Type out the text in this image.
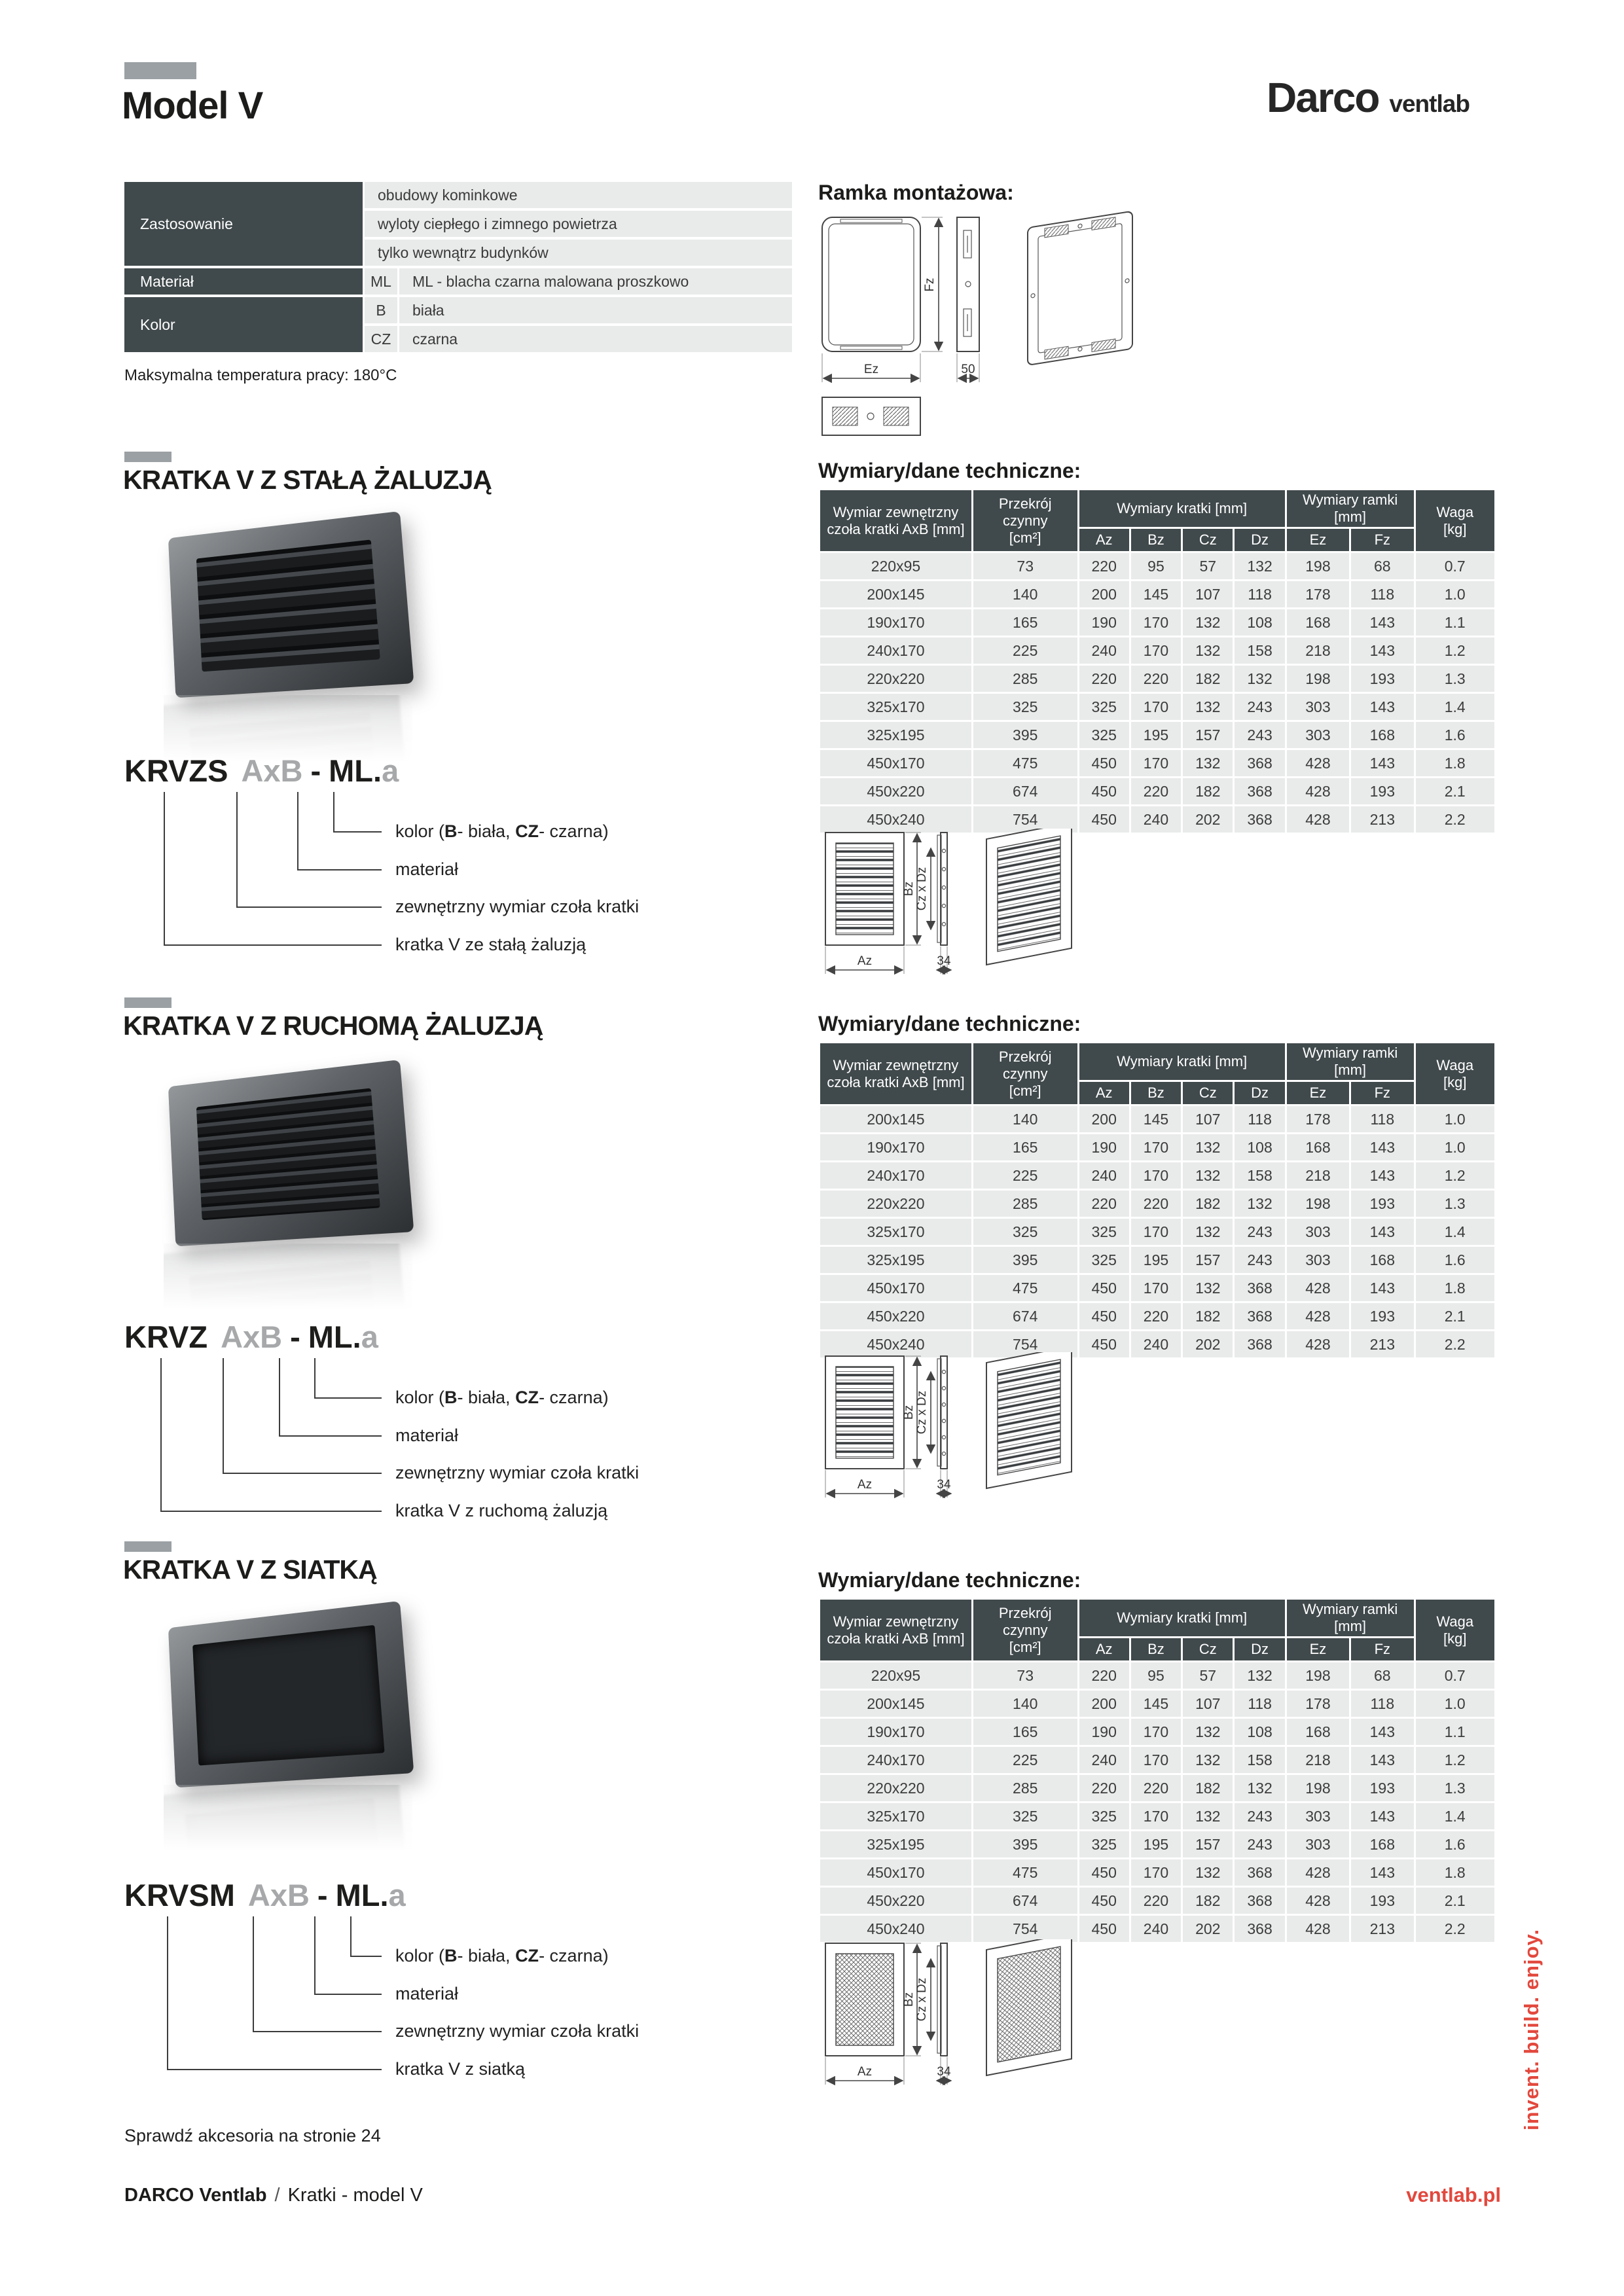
Model V	Darco ventlab
Zastosowanie
obudowy kominkowe
wyloty ciepłego i zimnego powietrza
tylko wewnątrz budynków
Materiał	ML	ML - blacha czarna malowana proszkowo
Kolor
B	biała
CZ	czarna
Maksymalna temperatura pracy: 180°C
Ramka montażowa:
Fz
50
Ez
KRATKA V Z STAŁĄ ŻALUZJĄ	Wymiary/dane techniczne:
Wymiar zewnętrzny czoła kratki AxB [mm]	
Przekrój czynny
[cm²]
	Wymiary kratki [mm]	Wymiary ramki [mm]	Waga
[kg]

		Az	Bz	Cz	Dz	Ez	Fz	
220x95	73	220	95	57	132	198	68	0.7
200x145	140	200	145	107	118	178	118	1.0
190x170	165	190	170	132	108	168	143	1.1
240x170	225	240	170	132	158	218	143	1.2
220x220	285	220	220	182	132	198	193	1.3
325x170	325	325	170	132	243	303	143	1.4
325x195	395	325	195	157	243	303	168	1.6
450x170	475	450	170	132	368	428	143	1.8
450x220	674	450	220	182	368	428	193	2.1
450x240	754	450	240	202	368	428	213	2.2
Bz
Az
Cz x Dz
34
KRVZS AxB - ML.a
kolor (B- biała, CZ- czarna)
materiał
zewnętrzny wymiar czoła kratki
kratka V ze stałą żaluzją
KRATKA V Z RUCHOMĄ ŻALUZJĄ	Wymiary/dane techniczne:
Wymiar zewnętrzny czoła kratki AxB [mm]	
Przekrój czynny
[cm²]
	Wymiary kratki [mm]	Wymiary ramki [mm]	Waga
[kg]

		Az	Bz	Cz	Dz	Ez	Fz	
200x145	140	200	145	107	118	178	118	1.0
190x170	165	190	170	132	108	168	143	1.0
240x170	225	240	170	132	158	218	143	1.2
220x220	285	220	220	182	132	198	193	1.3
325x170	325	325	170	132	243	303	143	1.4
325x195	395	325	195	157	243	303	168	1.6
450x170	475	450	170	132	368	428	143	1.8
450x220	674	450	220	182	368	428	193	2.1
450x240	754	450	240	202	368	428	213	2.2
Bz
Az
Cz x Dz
34
KRVZ AxB - ML.a
kolor (B- biała, CZ- czarna)
materiał
zewnętrzny wymiar czoła kratki
kratka V z ruchomą żaluzją
KRATKA V Z SIATKĄ	Wymiary/dane techniczne:
Wymiar zewnętrzny czoła kratki AxB [mm]	
Przekrój czynny
[cm²]
	Wymiary kratki [mm]	Wymiary ramki [mm]	Waga
[kg]

		Az	Bz	Cz	Dz	Ez	Fz	
220x95	73	220	95	57	132	198	68	0.7
200x145	140	200	145	107	118	178	118	1.0
190x170	165	190	170	132	108	168	143	1.1
240x170	225	240	170	132	158	218	143	1.2
220x220	285	220	220	182	132	198	193	1.3
325x170	325	325	170	132	243	303	143	1.4
325x195	395	325	195	157	243	303	168	1.6
450x170	475	450	170	132	368	428	143	1.8
450x220	674	450	220	182	368	428	193	2.1
450x240	754	450	240	202	368	428	213	2.2
Bz
Az
Cz x Dz
34
KRVSM AxB - ML.a
kolor (B- biała, CZ- czarna)
materiał
zewnętrzny wymiar czoła kratki
kratka V z siatką
Sprawdź akcesoria na stronie 24
DARCO Ventlab / Kratki - model V	ventlab.pl
invent. build. enjoy.
